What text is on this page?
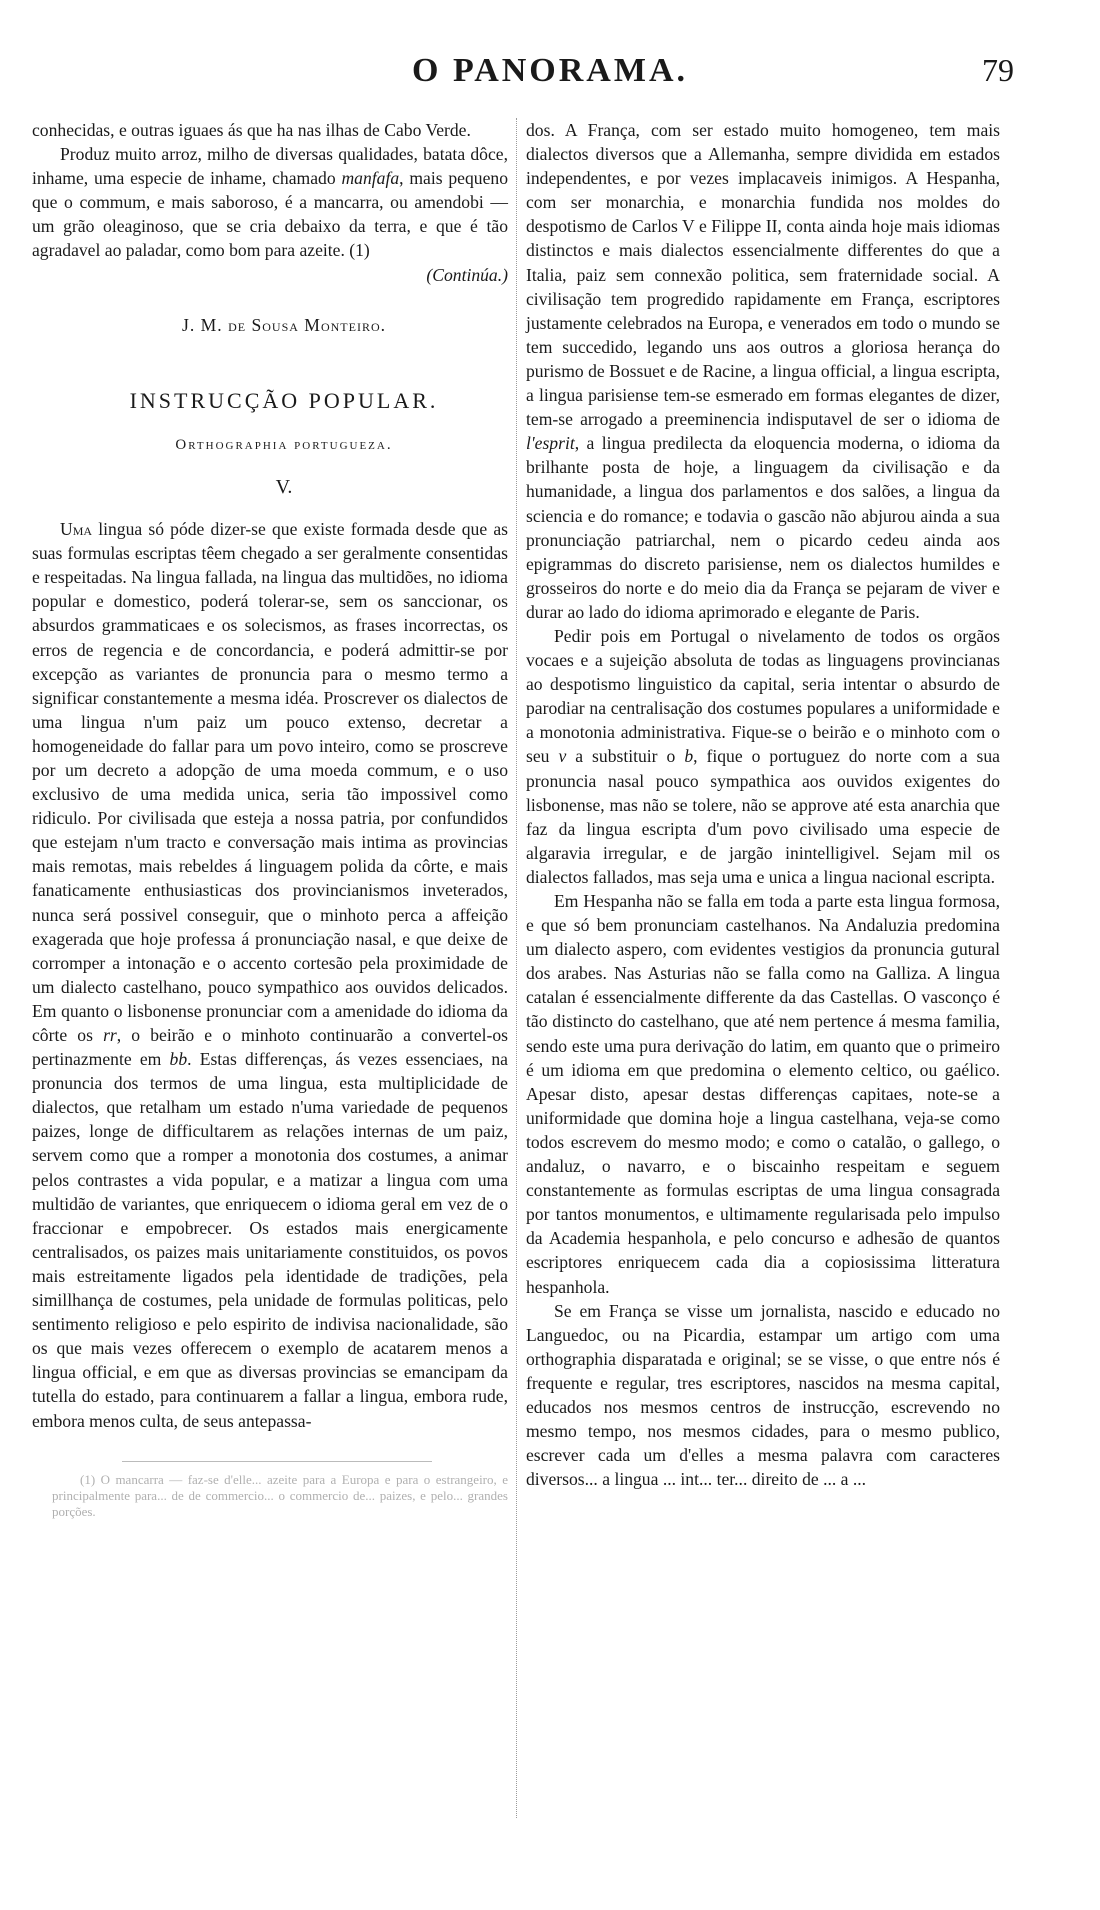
O PANORAMA.	79

conhecidas, e outras iguaes ás que ha nas ilhas de Cabo Verde.

Produz muito arroz, milho de diversas qualidades, batata dôce, inhame, uma especie de inhame, chamado manfafa, mais pequeno que o commum, e mais saboroso, é a mancarra, ou amendobi — um grão oleaginoso, que se cria debaixo da terra, e que é tão agradavel ao paladar, como bom para azeite. (1)

(Continúa.)

J. M. de Sousa Monteiro.

INSTRUCÇÃO POPULAR.

Orthographia portugueza.

V.

Uma lingua só póde dizer-se que existe formada desde que as suas formulas escriptas têem chegado a ser geralmente consentidas e respeitadas. Na lingua fallada, na lingua das multidões, no idioma popular e domestico, poderá tolerar-se, sem os sanccionar, os absurdos grammaticaes e os solecismos, as frases incorrectas, os erros de regencia e de concordancia, e poderá admittir-se por excepção as variantes de pronuncia para o mesmo termo a significar constantemente a mesma idéa. Proscrever os dialectos de uma lingua n'um paiz um pouco extenso, decretar a homogeneidade do fallar para um povo inteiro, como se proscreve por um decreto a adopção de uma moeda commum, e o uso exclusivo de uma medida unica, seria tão impossivel como ridiculo. Por civilisada que esteja a nossa patria, por confundidos que estejam n'um tracto e conversação mais intima as provincias mais remotas, mais rebeldes á linguagem polida da côrte, e mais fanaticamente enthusiasticas dos provincianismos inveterados, nunca será possivel conseguir, que o minhoto perca a affeição exagerada que hoje professa á pronunciação nasal, e que deixe de corromper a intonação e o accento cortesão pela proximidade de um dialecto castelhano, pouco sympathico aos ouvidos delicados. Em quanto o lisbonense pronunciar com a amenidade do idioma da côrte os rr, o beirão e o minhoto continuarão a convertel-os pertinazmente em bb. Estas differenças, ás vezes essenciaes, na pronuncia dos termos de uma lingua, esta multiplicidade de dialectos, que retalham um estado n'uma variedade de pequenos paizes, longe de difficultarem as relações internas de um paiz, servem como que a romper a monotonia dos costumes, a animar pelos contrastes a vida popular, e a matizar a lingua com uma multidão de variantes, que enriquecem o idioma geral em vez de o fraccionar e empobrecer. Os estados mais energicamente centralisados, os paizes mais unitariamente constituidos, os povos mais estreitamente ligados pela identidade de tradições, pela simillhança de costumes, pela unidade de formulas politicas, pelo sentimento religioso e pelo espirito de indivisa nacionalidade, são os que mais vezes offerecem o exemplo de acatarem menos a lingua official, e em que as diversas provincias se emancipam da tutella do estado, para continuarem a fallar a lingua, embora rude, embora menos culta, de seus antepassa-

(1) O mancarra — faz-se d'elle... azeite para a Europa e para o estrangeiro, e principalmente para... de de commercio... o commercio de... paizes, e pelo... grandes porções.

dos. A França, com ser estado muito homogeneo, tem mais dialectos diversos que a Allemanha, sempre dividida em estados independentes, e por vezes implacaveis inimigos. A Hespanha, com ser monarchia, e monarchia fundida nos moldes do despotismo de Carlos V e Filippe II, conta ainda hoje mais idiomas distinctos e mais dialectos essencialmente differentes do que a Italia, paiz sem connexão politica, sem fraternidade social. A civilisação tem progredido rapidamente em França, escriptores justamente celebrados na Europa, e venerados em todo o mundo se tem succedido, legando uns aos outros a gloriosa herança do purismo de Bossuet e de Racine, a lingua official, a lingua escripta, a lingua parisiense tem-se esmerado em formas elegantes de dizer, tem-se arrogado a preeminencia indisputavel de ser o idioma de l'esprit, a lingua predilecta da eloquencia moderna, o idioma da brilhante posta de hoje, a linguagem da civilisação e da humanidade, a lingua dos parlamentos e dos salões, a lingua da sciencia e do romance; e todavia o gascão não abjurou ainda a sua pronunciação patriarchal, nem o picardo cedeu ainda aos epigrammas do discreto parisiense, nem os dialectos humildes e grosseiros do norte e do meio dia da França se pejaram de viver e durar ao lado do idioma aprimorado e elegante de Paris.

Pedir pois em Portugal o nivelamento de todos os orgãos vocaes e a sujeição absoluta de todas as linguagens provincianas ao despotismo linguistico da capital, seria intentar o absurdo de parodiar na centralisação dos costumes populares a uniformidade e a monotonia administrativa. Fique-se o beirão e o minhoto com o seu v a substituir o b, fique o portuguez do norte com a sua pronuncia nasal pouco sympathica aos ouvidos exigentes do lisbonense, mas não se tolere, não se approve até esta anarchia que faz da lingua escripta d'um povo civilisado uma especie de algaravia irregular, e de jargão inintelligivel. Sejam mil os dialectos fallados, mas seja uma e unica a lingua nacional escripta.

Em Hespanha não se falla em toda a parte esta lingua formosa, e que só bem pronunciam castelhanos. Na Andaluzia predomina um dialecto aspero, com evidentes vestigios da pronuncia gutural dos arabes. Nas Asturias não se falla como na Galliza. A lingua catalan é essencialmente differente da das Castellas. O vasconço é tão distincto do castelhano, que até nem pertence á mesma familia, sendo este uma pura derivação do latim, em quanto que o primeiro é um idioma em que predomina o elemento celtico, ou gaélico. Apesar disto, apesar destas differenças capitaes, note-se a uniformidade que domina hoje a lingua castelhana, veja-se como todos escrevem do mesmo modo; e como o catalão, o gallego, o andaluz, o navarro, e o biscainho respeitam e seguem constantemente as formulas escriptas de uma lingua consagrada por tantos monumentos, e ultimamente regularisada pelo impulso da Academia hespanhola, e pelo concurso e adhesão de quantos escriptores enriquecem cada dia a copiosissima litteratura hespanhola.

Se em França se visse um jornalista, nascido e educado no Languedoc, ou na Picardia, estampar um artigo com uma orthographia disparatada e original; se se visse, o que entre nós é frequente e regular, tres escriptores, nascidos na mesma capital, educados nos mesmos centros de instrucção, escrevendo no mesmo tempo, nos mesmos cidades, para o mesmo publico, escrever cada um d'elles a mesma palavra com caracteres diversos... a lingua ... int... ter... direito de ... a ...
